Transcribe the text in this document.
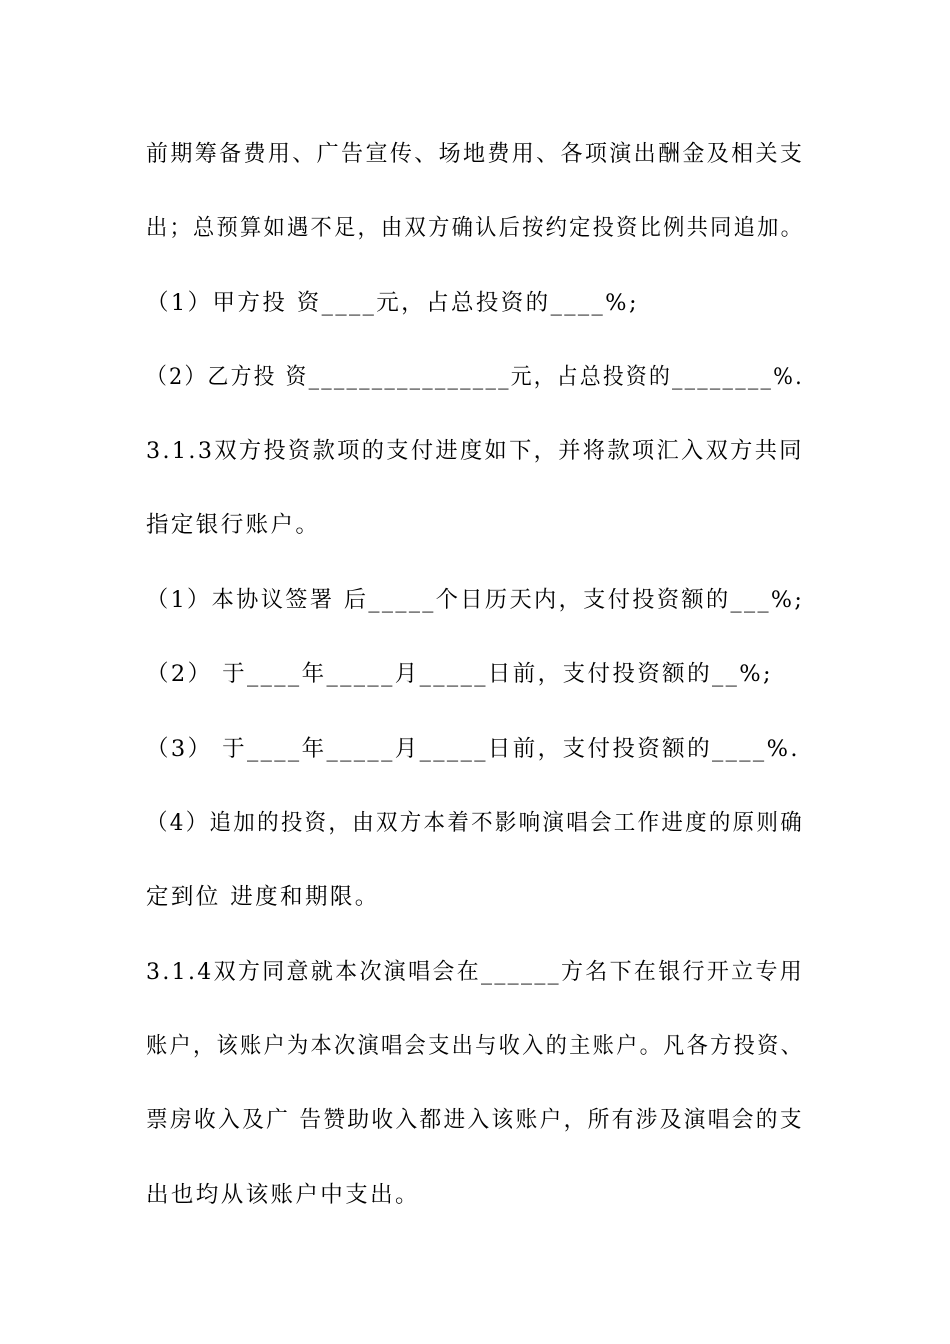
前期筹备费用、广告宣传、场地费用、各项演出酬金及相关支
出；总预算如遇不足，由双方确认后按约定投资比例共同追加。
（1）甲方投 资____元，占总投资的____%;
（2）乙方投 资________________元，占总投资的________%.
3.1.3双方投资款项的支付进度如下，并将款项汇入双方共同
指定银行账户。
（1）本协议签署 后_____个日历天内，支付投资额的___%;
（2） 于____年_____月_____日前，支付投资额的__%;
（3） 于____年_____月_____日前，支付投资额的____%.
（4）追加的投资，由双方本着不影响演唱会工作进度的原则确
定到位 进度和期限。
3.1.4双方同意就本次演唱会在______方名下在银行开立专用
账户，该账户为本次演唱会支出与收入的主账户。凡各方投资、
票房收入及广 告赞助收入都进入该账户，所有涉及演唱会的支
出也均从该账户中支出。
